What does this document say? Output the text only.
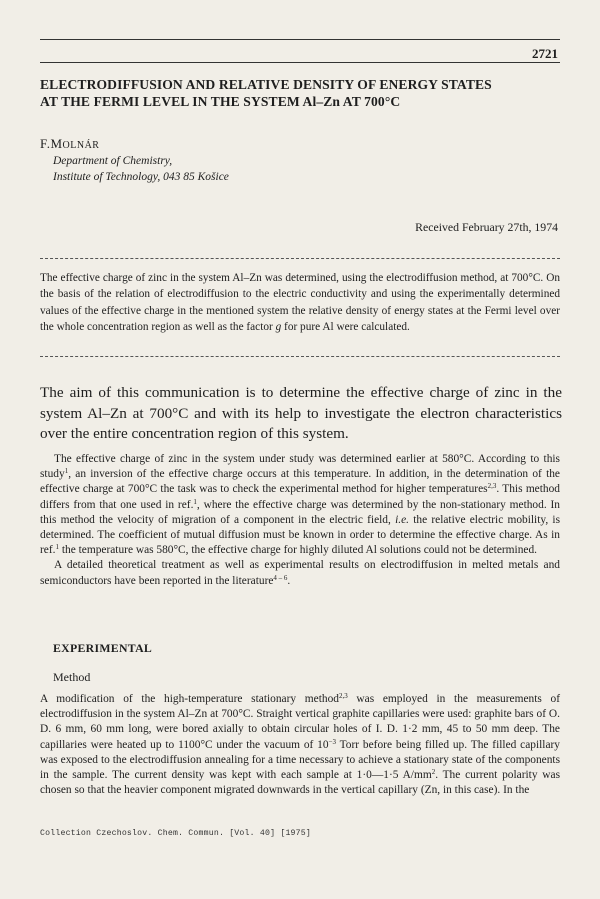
2721
ELECTRODIFFUSION AND RELATIVE DENSITY OF ENERGY STATES
AT THE FERMI LEVEL IN THE SYSTEM Al–Zn AT 700°C
F.MOLNÁR
Department of Chemistry,
Institute of Technology, 043 85 Košice
Received February 27th, 1974
The effective charge of zinc in the system Al–Zn was determined, using the electrodiffusion method, at 700°C. On the basis of the relation of electrodiffusion to the electric conductivity and using the experimentally determined values of the effective charge in the mentioned system the relative density of energy states at the Fermi level over the whole concentration region as well as the factor g for pure Al were calculated.
The aim of this communication is to determine the effective charge of zinc in the system Al–Zn at 700°C and with its help to investigate the electron characteristics over the entire concentration region of this system.

The effective charge of zinc in the system under study was determined earlier at 580°C. According to this study$^1$, an inversion of the effective charge occurs at this temperature. In addition, in the determination of the effective charge at 700°C the task was to check the experimental method for higher temperatures$^{2,3}$. This method differs from that one used in ref.$^1$, where the effective charge was determined by the non-stationary method. In this method the velocity of migration of a component in the electric field, i.e. the relative electric mobility, is determined. The coefficient of mutual diffusion must be known in order to determine the effective charge. As in ref.$^1$ the temperature was 580°C, the effective charge for highly diluted Al solutions could not be determined.

A detailed theoretical treatment as well as experimental results on electrodiffusion in melted metals and semiconductors have been reported in the literature$^{4 - 6}$.

EXPERIMENTAL
Method

A modification of the high-temperature stationary method$^{2,3}$ was employed in the measurements of electrodiffusion in the system Al–Zn at 700°C. Straight vertical graphite capillaries were used: graphite bars of O. D. 6 mm, 60 mm long, were bored axially to obtain circular holes of I. D. 1·2 mm, 45 to 50 mm deep. The capillaries were heated up to 1100°C under the vacuum of $10^{-3}$ Torr before being filled up. The filled capillary was exposed to the electrodiffusion annealing for a time necessary to achieve a stationary state of the components in the sample. The current density was kept with each sample at 1·0—1·5 $A/mm^2$. The current polarity was chosen so that the heavier component migrated downwards in the vertical capillary (Zn, in this case). In the

Collection Czechoslov. Chem. Commun. [Vol. 40] [1975]
